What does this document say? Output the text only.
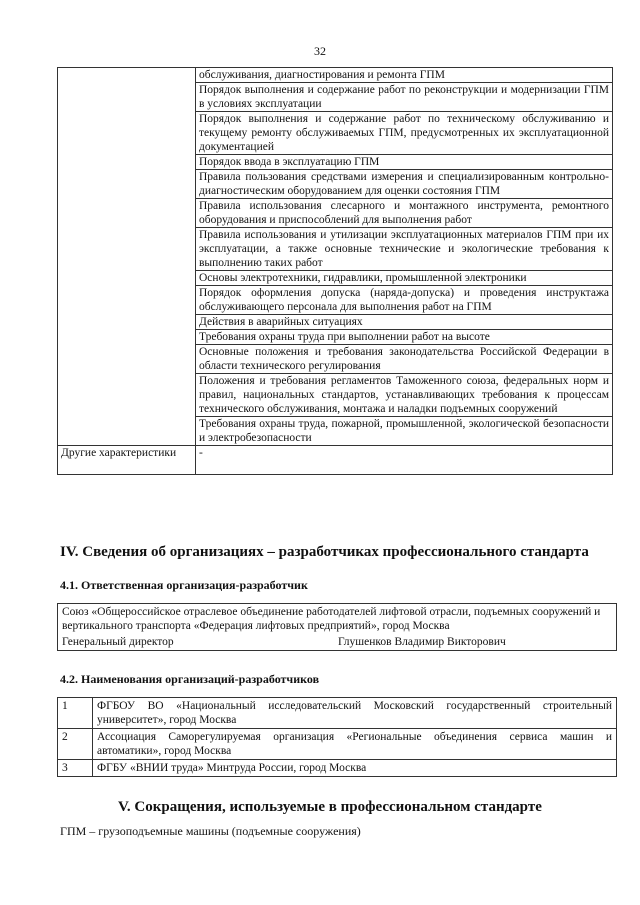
32
	обслуживания, диагностирования и ремонта ГПМ
	Порядок выполнения и содержание работ по реконструкции и модернизации ГПМ в условиях эксплуатации
	Порядок выполнения и содержание работ по техническому обслуживанию и текущему ремонту обслуживаемых ГПМ, предусмотренных их эксплуатационной документацией
	Порядок ввода в эксплуатацию ГПМ
	Правила пользования средствами измерения и специализированным контрольно-диагностическим оборудованием для оценки состояния ГПМ
	Правила использования слесарного и монтажного инструмента, ремонтного оборудования и приспособлений для выполнения работ
	Правила использования и утилизации эксплуатационных материалов ГПМ при их эксплуатации, а также основные технические и экологические требования к выполнению таких работ
	Основы электротехники, гидравлики, промышленной электроники
	Порядок оформления допуска (наряда-допуска) и проведения инструктажа обслуживающего персонала для выполнения работ на ГПМ
	Действия в аварийных ситуациях
	Требования охраны труда при выполнении работ на высоте
	Основные положения и требования законодательства Российской Федерации в области технического регулирования
	Положения и требования регламентов Таможенного союза, федеральных норм и правил, национальных стандартов, устанавливающих требования к процессам технического обслуживания, монтажа и наладки подъемных сооружений
	Требования охраны труда, пожарной, промышленной, экологической безопасности и электробезопасности
Другие характеристики	-
IV. Сведения об организациях – разработчиках профессионального стандарта
4.1. Ответственная организация-разработчик
Союз «Общероссийское отраслевое объединение работодателей лифтовой отрасли, подъемных сооружений и вертикального транспорта «Федерация лифтовых предприятий», город Москва
Генеральный директор	Глушенков Владимир Викторович
4.2. Наименования организаций-разработчиков
1	ФГБОУ ВО «Национальный исследовательский Московский государственный строительный университет», город Москва
2	Ассоциация Саморегулируемая организация «Региональные объединения сервиса машин и автоматики», город Москва
3	ФГБУ «ВНИИ труда» Минтруда России, город Москва
V. Сокращения, используемые в профессиональном стандарте
ГПМ – грузоподъемные машины (подъемные сооружения)
